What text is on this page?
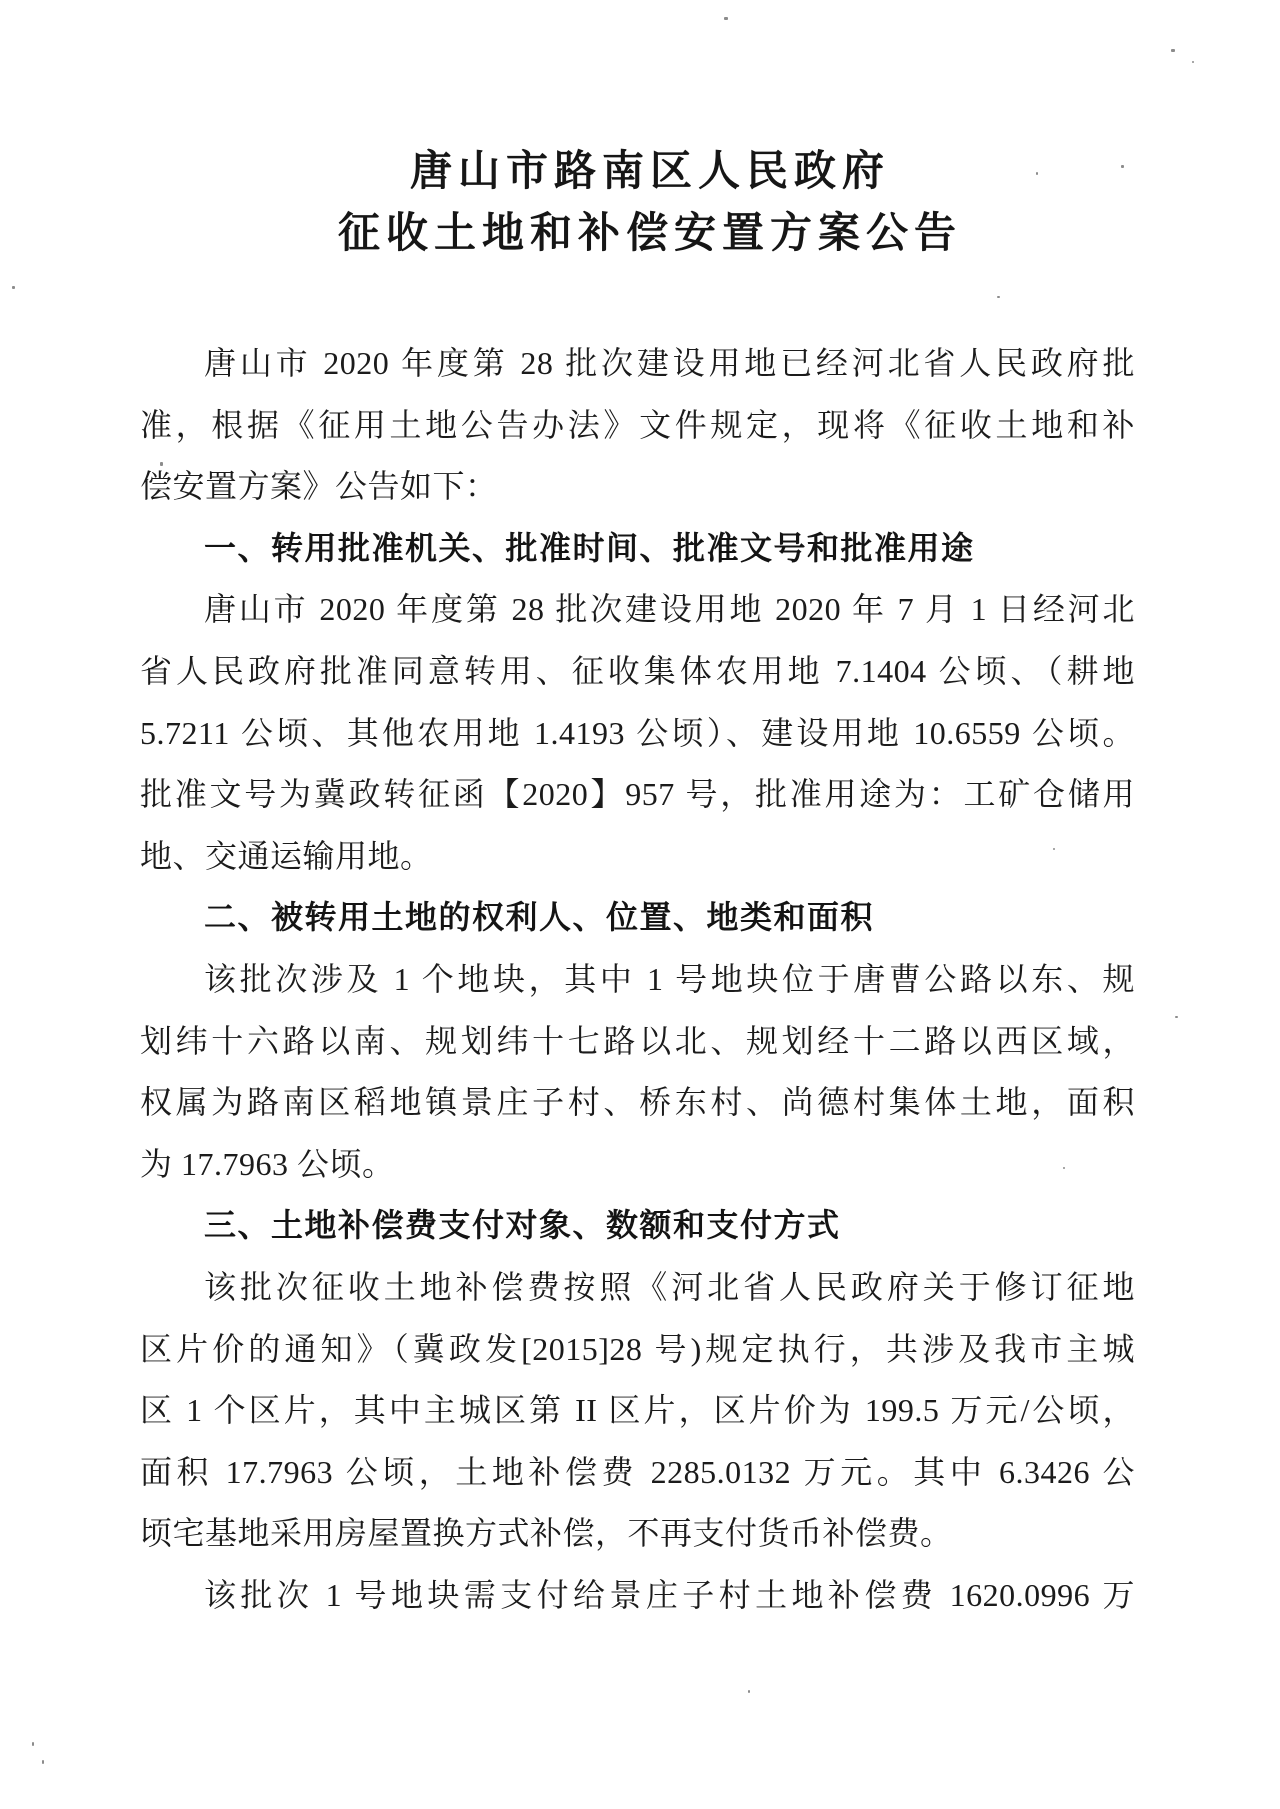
唐山市路南区人民政府
征收土地和补偿安置方案公告
唐山市 2020 年度第 28 批次建设用地已经河北省人民政府批
准，根据《征用土地公告办法》文件规定，现将《征收土地和补
偿安置方案》公告如下：
一、转用批准机关、批准时间、批准文号和批准用途
唐山市 2020 年度第 28 批次建设用地 2020 年 7 月 1 日经河北
省人民政府批准同意转用、征收集体农用地 7.1404 公顷、（耕地
5.7211 公顷、其他农用地 1.4193 公顷）、建设用地 10.6559 公顷。
批准文号为冀政转征函【2020】957 号，批准用途为：工矿仓储用
地、交通运输用地。
二、被转用土地的权利人、位置、地类和面积
该批次涉及 1 个地块，其中 1 号地块位于唐曹公路以东、规
划纬十六路以南、规划纬十七路以北、规划经十二路以西区域，
权属为路南区稻地镇景庄子村、桥东村、尚德村集体土地，面积
为 17.7963 公顷。
三、土地补偿费支付对象、数额和支付方式
该批次征收土地补偿费按照《河北省人民政府关于修订征地
区片价的通知》（冀政发[2015]28 号)规定执行，共涉及我市主城
区 1 个区片，其中主城区第 II 区片，区片价为 199.5 万元/公顷，
面积 17.7963 公顷，土地补偿费 2285.0132 万元。其中 6.3426 公
顷宅基地采用房屋置换方式补偿，不再支付货币补偿费。
该批次 1 号地块需支付给景庄子村土地补偿费 1620.0996 万
